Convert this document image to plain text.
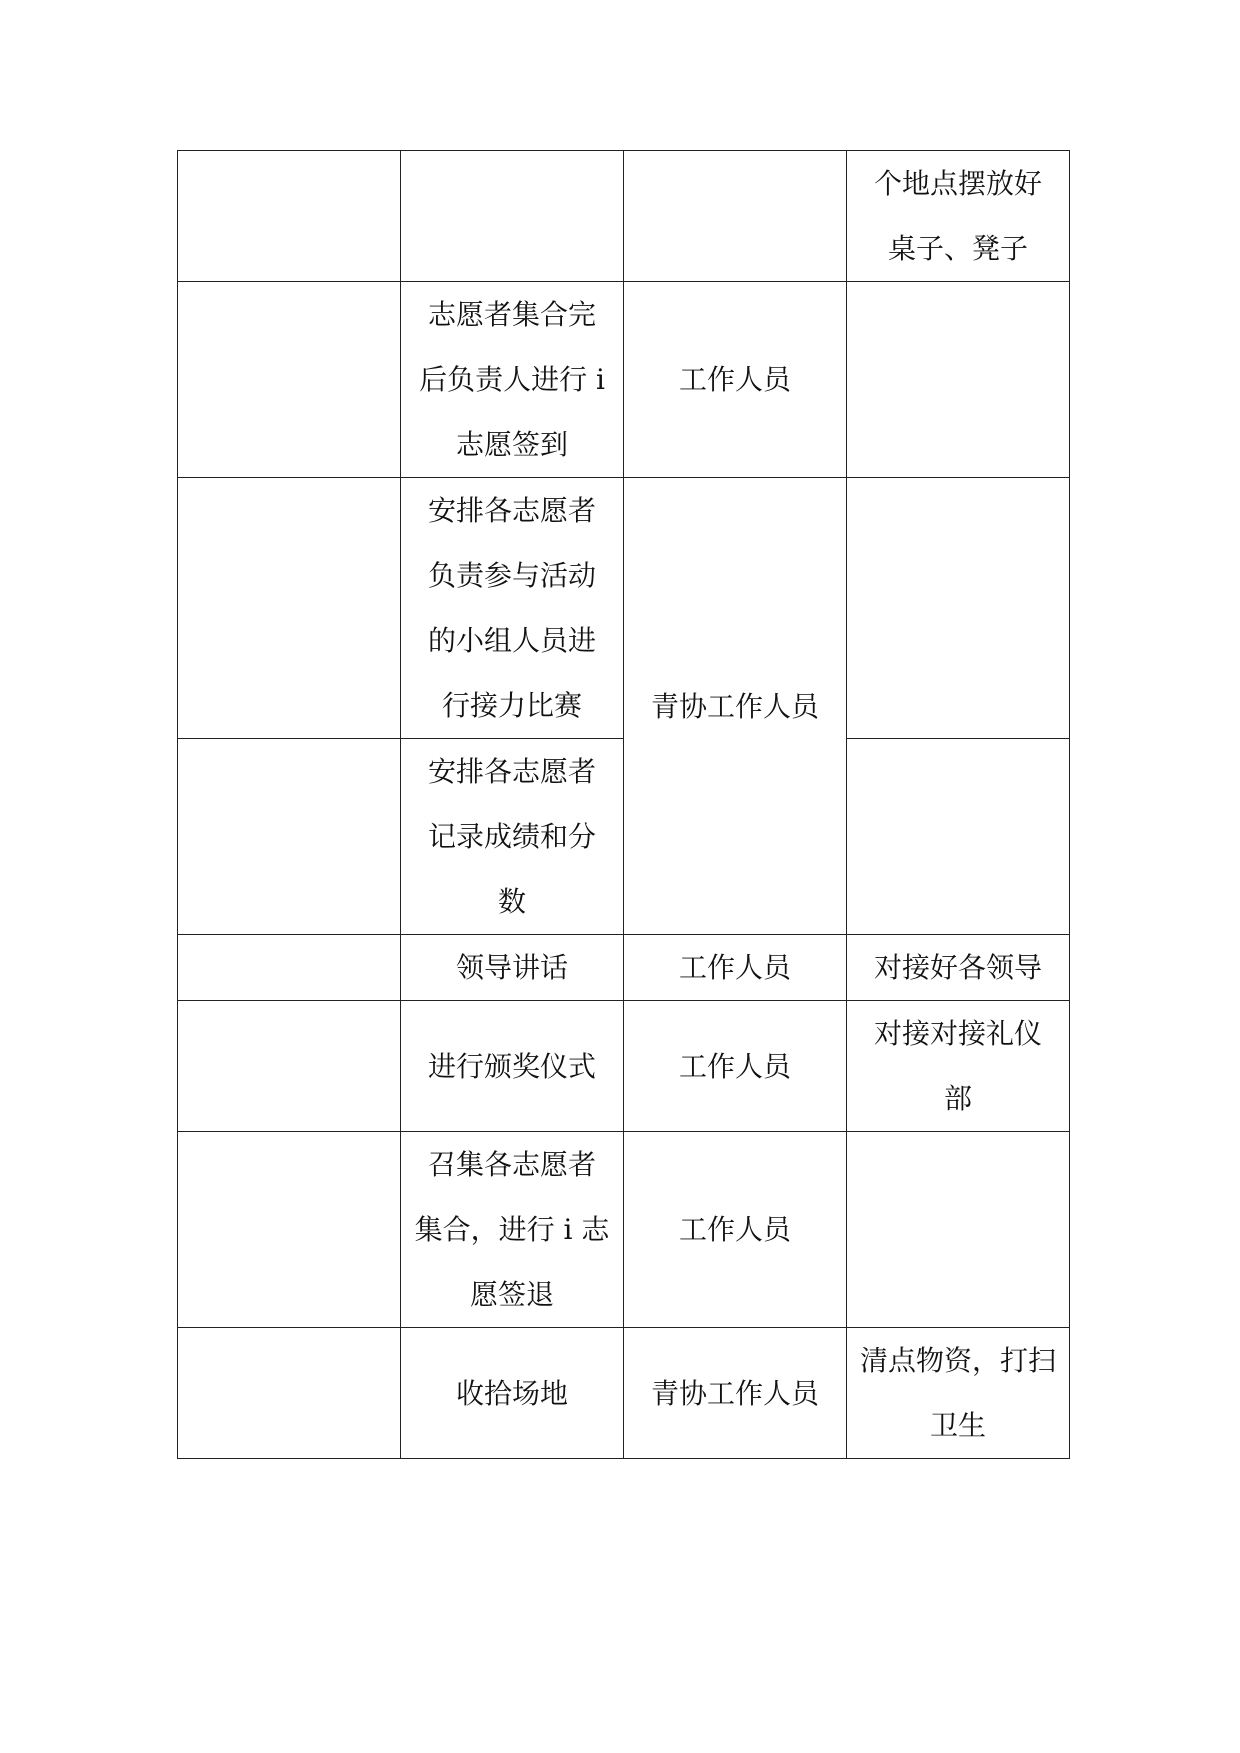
			个地点摆放好
桌子、凳子
	志愿者集合完
后负责人进行 i
志愿签到	工作人员	
	安排各志愿者
负责参与活动
的小组人员进
行接力比赛	青协工作人员	
	安排各志愿者
记录成绩和分
数		
	领导讲话	工作人员	对接好各领导
	进行颁奖仪式	工作人员	对接对接礼仪
部
	召集各志愿者
集合，进行 i 志
愿签退	工作人员	
	收拾场地	青协工作人员	清点物资，打扫
卫生
